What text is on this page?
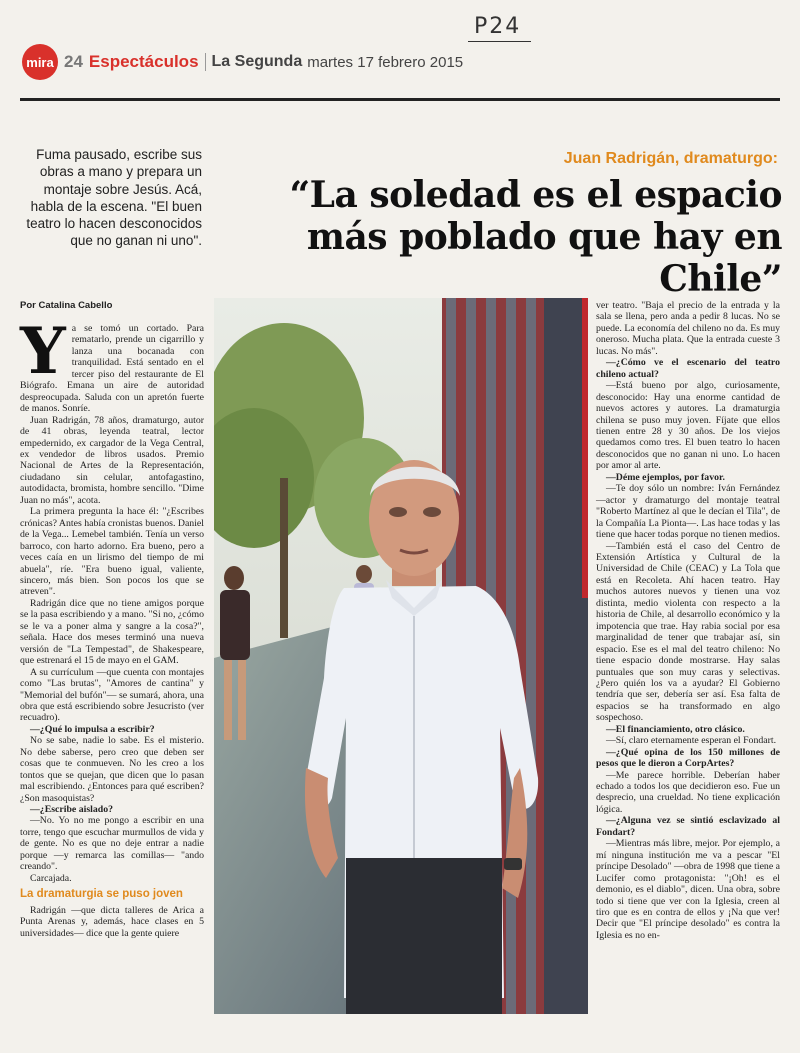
P24
mira 24 Espectáculos La Segunda martes 17 febrero 2015
Fuma pausado, escribe sus obras a mano y prepara un montaje sobre Jesús. Acá, habla de la escena. "El buen teatro lo hacen desconocidos que no ganan ni uno".
Juan Radrigán, dramaturgo:
“La soledad es el espacio más poblado que hay en Chile”
Por Catalina Cabello
Y a se tomó un cortado. Para rematarlo, prende un cigarrillo y lanza una bocanada con tranquilidad. Está sentado en el tercer piso del restaurante de El Biógrafo. Emana un aire de autoridad despreocupada. Saluda con un apretón fuerte de manos. Sonríe.

Juan Radrigán, 78 años, dramaturgo, autor de 41 obras, leyenda teatral, lector empedernido, ex cargador de la Vega Central, ex vendedor de libros usados. Premio Nacional de Artes de la Representación, ciudadano sin celular, antofagastino, autodidacta, bromista, hombre sencillo. "Dime Juan no más", acota.

La primera pregunta la hace él: "¿Escribes crónicas? Antes había cronistas buenos. Daniel de la Vega... Lemebel también. Tenía un verso barroco, con harto adorno. Era bueno, pero a veces caía en un lirismo del tiempo de mi abuela", ríe. "Era bueno igual, valiente, sincero, más bien. Son pocos los que se atreven".

Radrigán dice que no tiene amigos porque se la pasa escribiendo y a mano. "Si no, ¿cómo se le va a poner alma y sangre a la cosa?", señala. Hace dos meses terminó una nueva versión de "La Tempestad", de Shakespeare, que estrenará el 15 de mayo en el GAM.

A su currículum —que cuenta con montajes como "Las brutas", "Amores de cantina" y "Memorial del bufón"— se sumará, ahora, una obra que está escribiendo sobre Jesucristo (ver recuadro).

—¿Qué lo impulsa a escribir?

No se sabe, nadie lo sabe. Es el misterio. No debe saberse, pero creo que deben ser cosas que te conmueven. No les creo a los tontos que se quejan, que dicen que lo pasan mal escribiendo. ¿Entonces para qué escriben? ¿Son masoquistas?

—¿Escribe aislado?

—No. Yo no me pongo a escribir en una torre, tengo que escuchar murmullos de vida y de gente. No es que no deje entrar a nadie porque —y remarca las comillas— "ando creando".

Carcajada.

La dramaturgia se puso joven

Radrigán —que dicta talleres de Arica a Punta Arenas y, además, hace clases en 5 universidades— dice que la gente quiere

ver teatro. "Baja el precio de la entrada y la sala se llena, pero anda a pedir 8 lucas. No se puede. La economía del chileno no da. Es muy oneroso. Mucha plata. Que la entrada cueste 3 lucas. No más".

—¿Cómo ve el escenario del teatro chileno actual?

—Está bueno por algo, curiosamente, desconocido: Hay una enorme cantidad de nuevos actores y autores. La dramaturgia chilena se puso muy joven. Fíjate que ellos tienen entre 28 y 30 años. De los viejos quedamos como tres. El buen teatro lo hacen desconocidos que no ganan ni uno. Lo hacen por amor al arte.

—Déme ejemplos, por favor.

—Te doy sólo un nombre: Iván Fernández —actor y dramaturgo del montaje teatral "Roberto Martínez al que le decían el Tila", de la Compañía La Pionta—. Las hace todas y las tiene que hacer todas porque no tienen medios.

—También está el caso del Centro de Extensión Artística y Cultural de la Universidad de Chile (CEAC) y La Tola que está en Recoleta. Ahí hacen teatro. Hay muchos autores nuevos y tienen una voz distinta, medio violenta con respecto a la historia de Chile, al desarrollo económico y la impotencia que trae. Hay rabia social por esa marginalidad de tener que trabajar así, sin espacio. Ese es el mal del teatro chileno: No tiene espacio donde mostrarse. Hay salas puntuales que son muy caras y selectivas. ¿Pero quién los va a ayudar? El Gobierno tendría que ser, debería ser así. Esa falta de espacios se ha transformado en algo sospechoso.

—El financiamiento, otro clásico.

—Sí, claro eternamente esperan el Fondart.

—¿Qué opina de los 150 millones de pesos que le dieron a CorpArtes?

—Me parece horrible. Deberían haber echado a todos los que decidieron eso. Fue un desprecio, una crueldad. No tiene explicación lógica.

—¿Alguna vez se sintió esclavizado al Fondart?

—Mientras más libre, mejor. Por ejemplo, a mí ninguna institución me va a pescar "El príncipe Desolado" —obra de 1998 que tiene a Lucifer como protagonista: "¡Oh! es el demonio, es el diablo", dicen. Una obra, sobre todo si tiene que ver con la Iglesia, creen al tiro que es en contra de ellos y ¡Na que ver! Decir que "El príncipe desolado" es contra la Iglesia es no en-
